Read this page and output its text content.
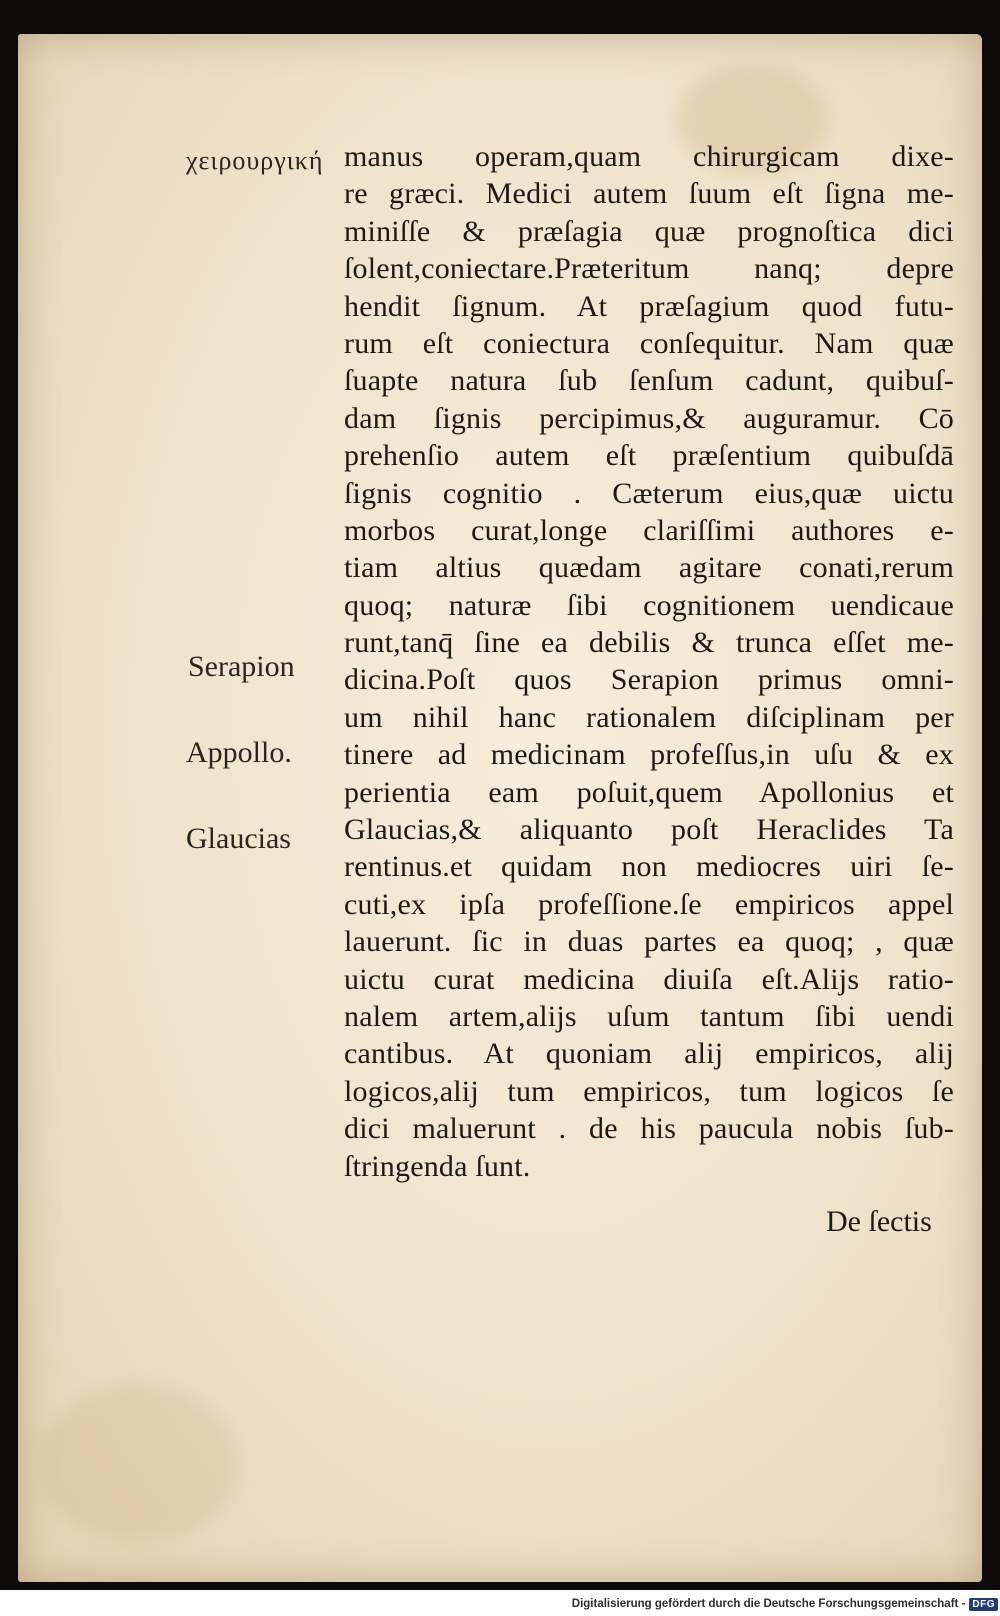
χειρουργική
Serapion
Appollo.
Glaucias
manus operam,quam chirurgicam dixe-
re græci. Medici autem ſuum eſt ſigna me-
miniſſe & præſagia quæ prognoſtica dici
ſolent,coniectare.Præteritum nanq; depre
hendit ſignum. At præſagium quod futu-
rum eſt coniectura conſequitur. Nam quæ
ſuapte natura ſub ſenſum cadunt, quibuſ-
dam ſignis percipimus,& auguramur. Cō
prehenſio autem eſt præſentium quibuſdā
ſignis cognitio . Cæterum eius,quæ uictu
morbos curat,longe clariſſimi authores e-
tiam altius quædam agitare conati,rerum
quoq; naturæ ſibi cognitionem uendicaue
runt,tanq̄ ſine ea debilis & trunca eſſet me-
dicina.Poſt quos Serapion primus omni-
um nihil hanc rationalem diſciplinam per
tinere ad medicinam profeſſus,in uſu & ex
perientia eam poſuit,quem Apollonius et
Glaucias,& aliquanto poſt Heraclides Ta
rentinus.et quidam non mediocres uiri ſe-
cuti,ex ipſa profeſſione.ſe empiricos appel
lauerunt. ſic in duas partes ea quoq; , quæ
uictu curat medicina diuiſa eſt.Alijs ratio-
nalem artem,alijs uſum tantum ſibi uendi
cantibus. At quoniam alij empiricos, alij
logicos,alij tum empiricos, tum logicos ſe
dici maluerunt . de his paucula nobis ſub-
ſtringenda ſunt.
De ſectis
Digitalisierung gefördert durch die Deutsche Forschungsgemeinschaft - DFG
